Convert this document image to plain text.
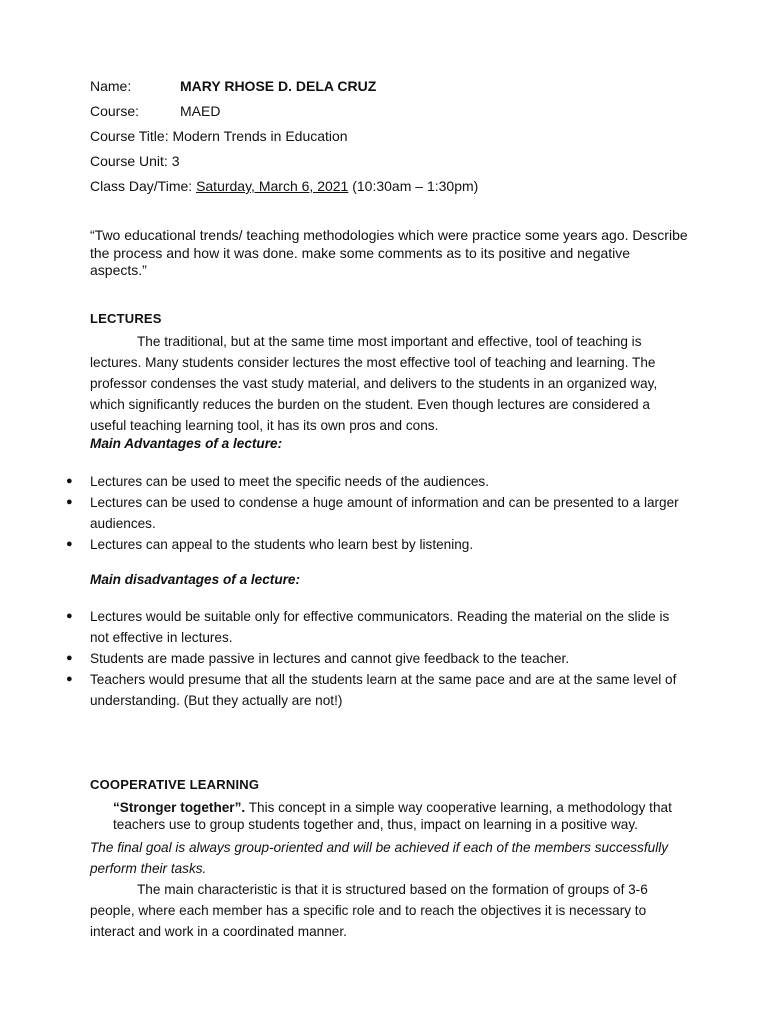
Name:	MARY RHOSE D. DELA CRUZ
Course:	MAED
Course Title: Modern Trends in Education
Course Unit: 3
Class Day/Time: Saturday, March 6, 2021 (10:30am – 1:30pm)
“Two educational trends/ teaching methodologies which were practice some years ago. Describe the process and how it was done. make some comments as to its positive and negative aspects.”
LECTURES
The traditional, but at the same time most important and effective, tool of teaching is lectures. Many students consider lectures the most effective tool of teaching and learning. The professor condenses the vast study material, and delivers to the students in an organized way, which significantly reduces the burden on the student. Even though lectures are considered a useful teaching learning tool, it has its own pros and cons.
Main Advantages of a lecture:
● Lectures can be used to meet the specific needs of the audiences.
● Lectures can be used to condense a huge amount of information and can be presented to a larger audiences.
● Lectures can appeal to the students who learn best by listening.
Main disadvantages of a lecture:
● Lectures would be suitable only for effective communicators. Reading the material on the slide is not effective in lectures.
● Students are made passive in lectures and cannot give feedback to the teacher.
● Teachers would presume that all the students learn at the same pace and are at the same level of understanding. (But they actually are not!)
COOPERATIVE LEARNING
“Stronger together”. This concept in a simple way cooperative learning, a methodology that teachers use to group students together and, thus, impact on learning in a positive way.
The final goal is always group-oriented and will be achieved if each of the members successfully perform their tasks.
The main characteristic is that it is structured based on the formation of groups of 3-6 people, where each member has a specific role and to reach the objectives it is necessary to interact and work in a coordinated manner.
